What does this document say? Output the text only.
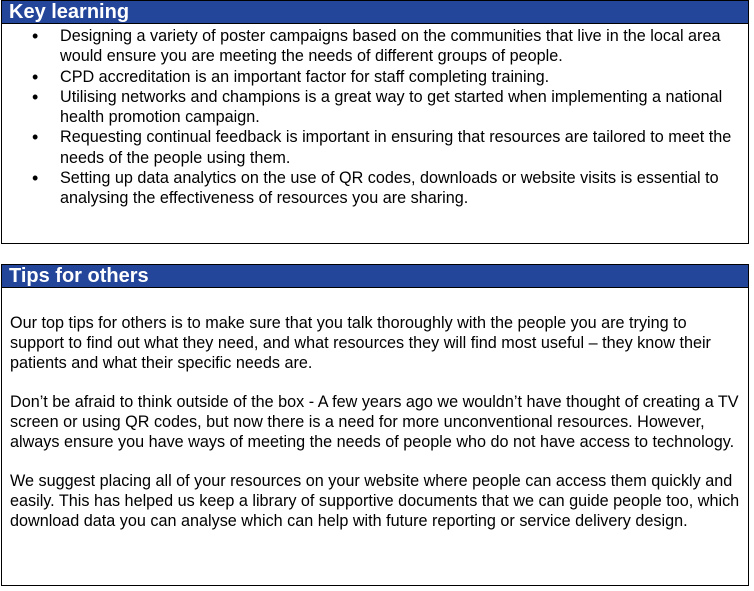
Key learning
• Designing a variety of poster campaigns based on the communities that live in the local area would ensure you are meeting the needs of different groups of people.
• CPD accreditation is an important factor for staff completing training.
• Utilising networks and champions is a great way to get started when implementing a national health promotion campaign.
• Requesting continual feedback is important in ensuring that resources are tailored to meet the needs of the people using them.
• Setting up data analytics on the use of QR codes, downloads or website visits is essential to analysing the effectiveness of resources you are sharing.
Tips for others

Our top tips for others is to make sure that you talk thoroughly with the people you are trying to support to find out what they need, and what resources they will find most useful – they know their patients and what their specific needs are.

Don’t be afraid to think outside of the box - A few years ago we wouldn’t have thought of creating a TV screen or using QR codes, but now there is a need for more unconventional resources. However, always ensure you have ways of meeting the needs of people who do not have access to technology.

We suggest placing all of your resources on your website where people can access them quickly and easily. This has helped us keep a library of supportive documents that we can guide people too, which download data you can analyse which can help with future reporting or service delivery design.
